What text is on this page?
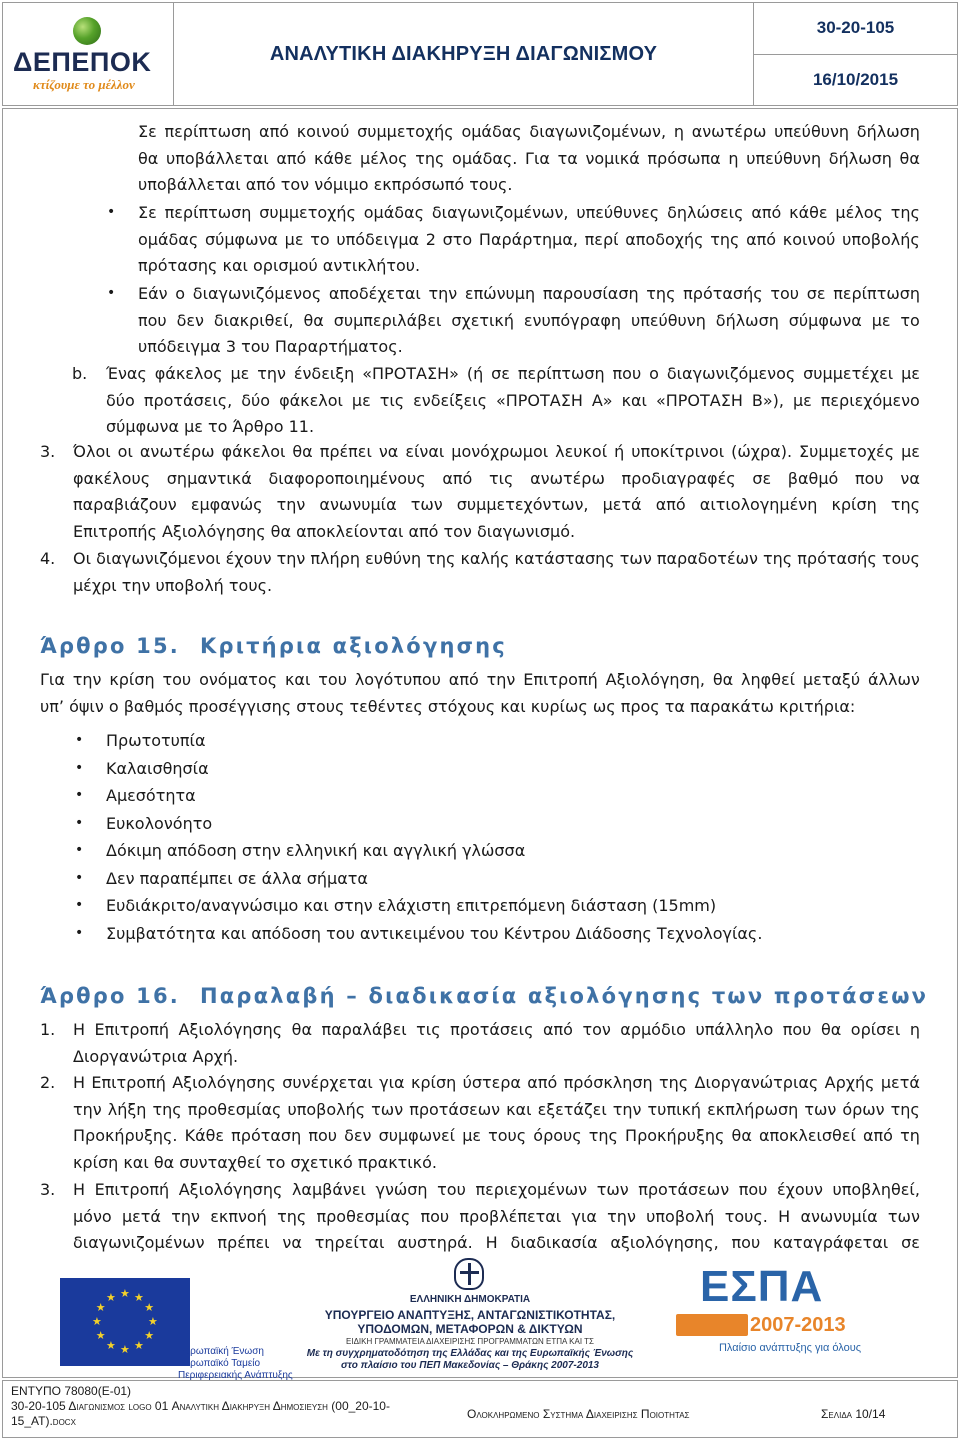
ΔΕΠΕΠΟΚ
κτίζουμε το μέλλον
ΑΝΑΛΥΤΙΚΗ ΔΙΑΚΗΡΥΞΗ ΔΙΑΓΩΝΙΣΜΟΥ
30-20-105
16/10/2015
Σε περίπτωση από κοινού συμμετοχής ομάδας διαγωνιζομένων, η ανωτέρω υπεύθυνη δήλωση
θα υποβάλλεται από κάθε μέλος της ομάδας. Για τα νομικά πρόσωπα η υπεύθυνη δήλωση θα
υποβάλλεται από τον νόμιμο εκπρόσωπό τους.
• Σε περίπτωση συμμετοχής ομάδας διαγωνιζομένων, υπεύθυνες δηλώσεις από κάθε μέλος της
ομάδας σύμφωνα με το υπόδειγμα 2 στο Παράρτημα, περί αποδοχής της από κοινού υποβολής
πρότασης και ορισμού αντικλήτου.
• Εάν ο διαγωνιζόμενος αποδέχεται την επώνυμη παρουσίαση της πρότασής του σε περίπτωση
που δεν διακριθεί, θα συμπεριλάβει σχετική ενυπόγραφη υπεύθυνη δήλωση σύμφωνα με το
υπόδειγμα 3 του Παραρτήματος.
b. Ένας φάκελος με την ένδειξη «ΠΡΟΤΑΣΗ» (ή σε περίπτωση που ο διαγωνιζόμενος συμμετέχει με
δύο προτάσεις, δύο φάκελοι με τις ενδείξεις «ΠΡΟΤΑΣΗ Α» και «ΠΡΟΤΑΣΗ Β»), με περιεχόμενο
σύμφωνα με το Άρθρο 11.
3. Όλοι οι ανωτέρω φάκελοι θα πρέπει να είναι μονόχρωμοι λευκοί ή υποκίτρινοι (ώχρα). Συμμετοχές με
φακέλους σημαντικά διαφοροποιημένους από τις ανωτέρω προδιαγραφές σε βαθμό που να
παραβιάζουν εμφανώς την ανωνυμία των συμμετεχόντων, μετά από αιτιολογημένη κρίση της
Επιτροπής Αξιολόγησης θα αποκλείονται από τον διαγωνισμό.
4. Οι διαγωνιζόμενοι έχουν την πλήρη ευθύνη της καλής κατάστασης των παραδοτέων της πρότασής τους
μέχρι την υποβολή τους.
Άρθρο 15. Κριτήρια αξιολόγησης
Για την κρίση του ονόματος και του λογότυπου από την Επιτροπή Αξιολόγηση, θα ληφθεί μεταξύ άλλων
υπ’ όψιν ο βαθμός προσέγγισης στους τεθέντες στόχους και κυρίως ως προς τα παρακάτω κριτήρια:
• Πρωτοτυπία
• Καλαισθησία
• Αμεσότητα
• Ευκολονόητο
• Δόκιμη απόδοση στην ελληνική και αγγλική γλώσσα
• Δεν παραπέμπει σε άλλα σήματα
• Ευδιάκριτο/αναγνώσιμο και στην ελάχιστη επιτρεπόμενη διάσταση (15mm)
• Συμβατότητα και απόδοση του αντικειμένου του Κέντρου Διάδοσης Τεχνολογίας.
Άρθρο 16. Παραλαβή – διαδικασία αξιολόγησης των προτάσεων
1. Η Επιτροπή Αξιολόγησης θα παραλάβει τις προτάσεις από τον αρμόδιο υπάλληλο που θα ορίσει η
Διοργανώτρια Αρχή.
2. Η Επιτροπή Αξιολόγησης συνέρχεται για κρίση ύστερα από πρόσκληση της Διοργανώτριας Αρχής μετά
την λήξη της προθεσμίας υποβολής των προτάσεων και εξετάζει την τυπική εκπλήρωση των όρων της
Προκήρυξης. Κάθε πρόταση που δεν συμφωνεί με τους όρους της Προκήρυξης θα αποκλεισθεί από τη
κρίση και θα συνταχθεί το σχετικό πρακτικό.
3. Η Επιτροπή Αξιολόγησης λαμβάνει γνώση του περιεχομένων των προτάσεων που έχουν υποβληθεί,
μόνο μετά την εκπνοή της προθεσμίας που προβλέπεται για την υποβολή τους. Η ανωνυμία των
διαγωνιζομένων πρέπει να τηρείται αυστηρά. Η διαδικασία αξιολόγησης, που καταγράφεται σε
★ ★
★
★
★
★
★
★
★
★
★
★
Ευρωπαϊκή Ένωση
Ευρωπαϊκό Ταμείο
Περιφερειακής Ανάπτυξης
ΕΛΛΗΝΙΚΗ ΔΗΜΟΚΡΑΤΙΑ
ΥΠΟΥΡΓΕΙΟ ΑΝΑΠΤΥΞΗΣ, ΑΝΤΑΓΩΝΙΣΤΙΚΟΤΗΤΑΣ,
ΥΠΟΔΟΜΩΝ, ΜΕΤΑΦΟΡΩΝ & ΔΙΚΤΥΩΝ
ΕΙΔΙΚΗ ΓΡΑΜΜΑΤΕΙΑ ΔΙΑΧΕΙΡΙΣΗΣ ΠΡΟΓΡΑΜΜΑΤΩΝ ΕΤΠΑ ΚΑΙ ΤΣ
Με τη συγχρηματοδότηση της Ελλάδας και της Ευρωπαϊκής Ένωσης
στο πλαίσιο του ΠΕΠ Μακεδονίας – Θράκης 2007-2013
ΕΣΠΑ
2007-2013
Πλαίσιο ανάπτυξης για όλους
ΕΝΤΥΠΟ 78080(Ε-01)
30-20-105 Διαγωνισμος logo 01 Αναλυτικη Διακηρυξη Δημοσιευση (00_20-10-
15_ΑΤ).docx	Ολοκληρωμενο Συστημα Διαχειρισης Ποιοτητας	Σελιδα 10/14
